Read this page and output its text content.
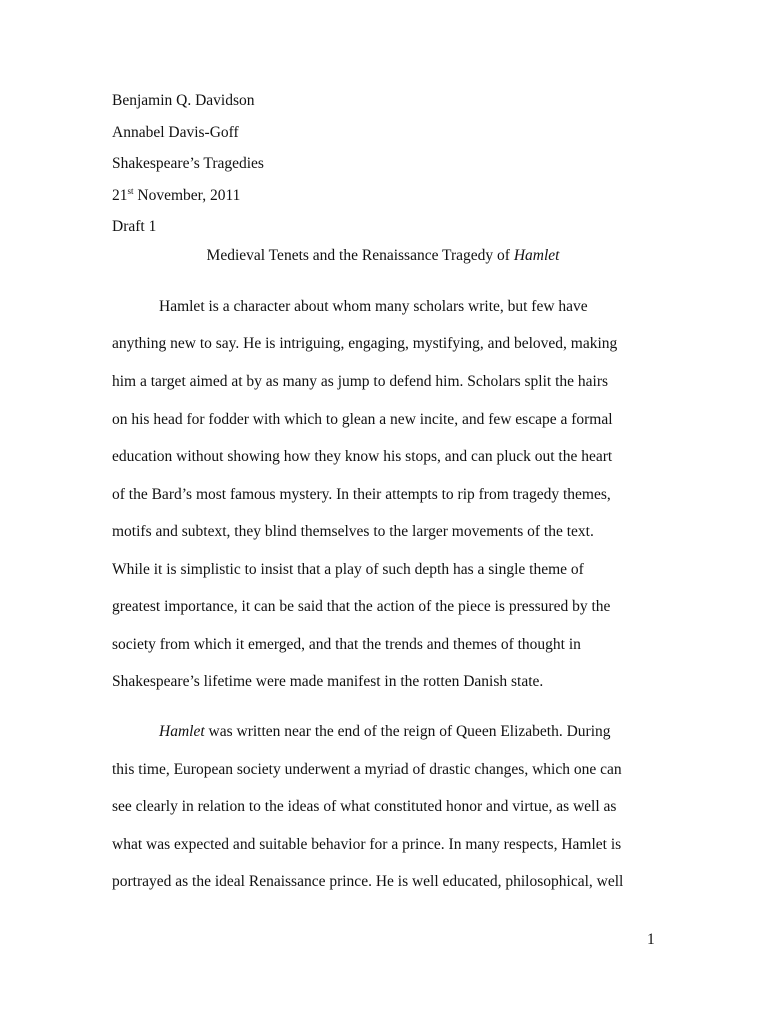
Benjamin Q. Davidson
Annabel Davis-Goff
Shakespeare’s Tragedies
21st November, 2011
Draft 1
Medieval Tenets and the Renaissance Tragedy of Hamlet
Hamlet is a character about whom many scholars write, but few have
anything new to say. He is intriguing, engaging, mystifying, and beloved, making
him a target aimed at by as many as jump to defend him. Scholars split the hairs
on his head for fodder with which to glean a new incite, and few escape a formal
education without showing how they know his stops, and can pluck out the heart
of the Bard’s most famous mystery. In their attempts to rip from tragedy themes,
motifs and subtext, they blind themselves to the larger movements of the text.
While it is simplistic to insist that a play of such depth has a single theme of
greatest importance, it can be said that the action of the piece is pressured by the
society from which it emerged, and that the trends and themes of thought in
Shakespeare’s lifetime were made manifest in the rotten Danish state.
Hamlet was written near the end of the reign of Queen Elizabeth. During
this time, European society underwent a myriad of drastic changes, which one can
see clearly in relation to the ideas of what constituted honor and virtue, as well as
what was expected and suitable behavior for a prince. In many respects, Hamlet is
portrayed as the ideal Renaissance prince. He is well educated, philosophical, well
1
